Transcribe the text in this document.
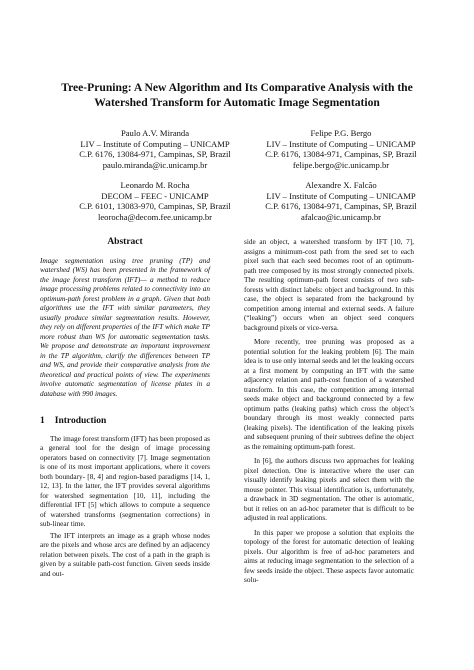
Tree-Pruning: A New Algorithm and Its Comparative Analysis with the
Watershed Transform for Automatic Image Segmentation
Paulo A.V. Miranda
LIV – Institute of Computing – UNICAMP
C.P. 6176, 13084-971, Campinas, SP, Brazil
paulo.miranda@ic.unicamp.br
Felipe P.G. Bergo
LIV – Institute of Computing – UNICAMP
C.P. 6176, 13084-971, Campinas, SP, Brazil
felipe.bergo@ic.unicamp.br
Leonardo M. Rocha
DECOM – FEEC - UNICAMP
C.P. 6101, 13083-970, Campinas, SP, Brazil
leorocha@decom.fee.unicamp.br
Alexandre X. Falcão
LIV – Institute of Computing – UNICAMP
C.P. 6176, 13084-971, Campinas, SP, Brazil
afalcao@ic.unicamp.br
Abstract

Image segmentation using tree pruning (TP) and watershed (WS) has been presented in the framework of the image forest transform (IFT)— a method to reduce image processing problems related to connectivity into an optimum-path forest problem in a graph. Given that both algorithms use the IFT with similar parameters, they usually produce similar segmentation results. However, they rely on different properties of the IFT which make TP more robust than WS for automatic segmentation tasks. We propose and demonstrate an important improvement in the TP algorithm, clarify the differences between TP and WS, and provide their comparative analysis from the theoretical and practical points of view. The experiments involve automatic segmentation of license plates in a database with 990 images.

1 Introduction

The image forest transform (IFT) has been proposed as a general tool for the design of image processing operators based on connectivity [7]. Image segmentation is one of its most important applications, where it covers both boundary- [8, 4] and region-based paradigms [14, 1, 12, 13]. In the latter, the IFT provides several algorithms for watershed segmentation [10, 11], including the differential IFT [5] which allows to compute a sequence of watershed transforms (segmentation corrections) in sub-linear time.

The IFT interprets an image as a graph whose nodes are the pixels and whose arcs are defined by an adjacency relation between pixels. The cost of a path in the graph is given by a suitable path-cost function. Given seeds inside and out-

side an object, a watershed transform by IFT [10, 7], assigns a minimum-cost path from the seed set to each pixel such that each seed becomes root of an optimum-path tree composed by its most strongly connected pixels. The resulting optimum-path forest consists of two sub-forests with distinct labels: object and background. In this case, the object is separated from the background by competition among internal and external seeds. A failure (“leaking”) occurs when an object seed conquers background pixels or vice-versa.

More recently, tree pruning was proposed as a potential solution for the leaking problem [6]. The main idea is to use only internal seeds and let the leaking occurs at a first moment by computing an IFT with the same adjacency relation and path-cost function of a watershed transform. In this case, the competition among internal seeds make object and background connected by a few optimum paths (leaking paths) which cross the object’s boundary through its most weakly connected parts (leaking pixels). The identification of the leaking pixels and subsequent pruning of their subtrees define the object as the remaining optimum-path forest.

In [6], the authors discuss two approaches for leaking pixel detection. One is interactive where the user can visually identify leaking pixels and select them with the mouse pointer. This visual identification is, unfortunately, a drawback in 3D segmentation. The other is automatic, but it relies on an ad-hoc parameter that is difficult to be adjusted in real applications.

In this paper we propose a solution that exploits the topology of the forest for automatic detection of leaking pixels. Our algorithm is free of ad-hoc parameters and aims at reducing image segmentation to the selection of a few seeds inside the object. These aspects favor automatic solu-
